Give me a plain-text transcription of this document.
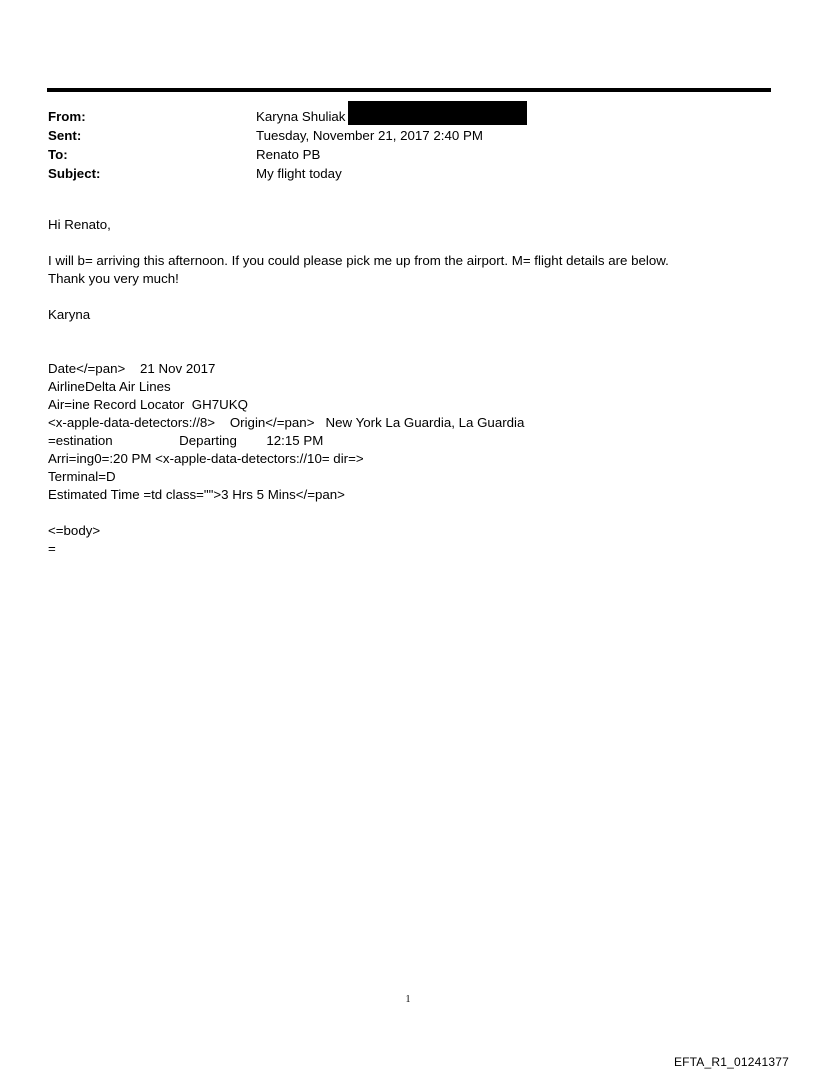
From:	Karyna Shuliak
Sent:	Tuesday, November 21, 2017 2:40 PM
To:	Renato PB
Subject:	My flight today
Hi Renato,
I will b= arriving this afternoon. If you could please pick me up from the airport. M= flight details are below.
Thank you very much!
Karyna
Date</=pan>    21 Nov 2017
AirlineDelta Air Lines
Air=ine Record Locator  GH7UKQ
<x-apple-data-detectors://8>    Origin</=pan>   New York La Guardia, La Guardia
=estination                  Departing        12:15 PM
Arri=ing0=:20 PM <x-apple-data-detectors://10= dir=>
Terminal=D
Estimated Time =td class="">3 Hrs 5 Mins</=pan>
<=body>
=
1
EFTA_R1_01241377
